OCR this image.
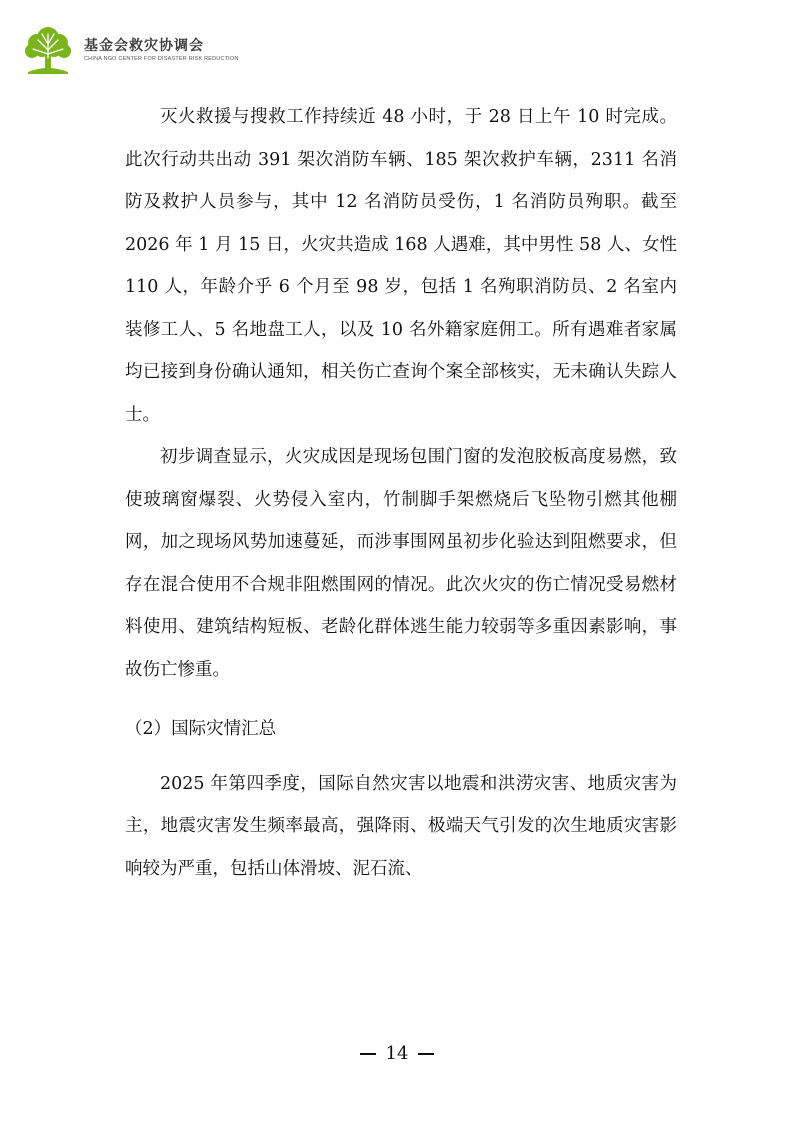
基金会救灾协调会
CHINA NGO CENTER FOR DISASTER RISK REDUCTION

灭火救援与搜救工作持续近 48 小时，于 28 日上午 10 时完成。此次行动共出动 391 架次消防车辆、185 架次救护车辆，2311 名消防及救护人员参与，其中 12 名消防员受伤，1 名消防员殉职。截至 2026 年 1 月 15 日，火灾共造成 168 人遇难，其中男性 58 人、女性 110 人，年龄介乎 6 个月至 98 岁，包括 1 名殉职消防员、2 名室内装修工人、5 名地盘工人，以及 10 名外籍家庭佣工。所有遇难者家属均已接到身份确认通知，相关伤亡查询个案全部核实，无未确认失踪人士。

初步调查显示，火灾成因是现场包围门窗的发泡胶板高度易燃，致使玻璃窗爆裂、火势侵入室内，竹制脚手架燃烧后飞坠物引燃其他棚网，加之现场风势加速蔓延，而涉事围网虽初步化验达到阻燃要求，但存在混合使用不合规非阻燃围网的情况。此次火灾的伤亡情况受易燃材料使用、建筑结构短板、老龄化群体逃生能力较弱等多重因素影响，事故伤亡惨重。

（2）国际灾情汇总

2025 年第四季度，国际自然灾害以地震和洪涝灾害、地质灾害为主，地震灾害发生频率最高，强降雨、极端天气引发的次生地质灾害影响较为严重，包括山体滑坡、泥石流、

14
